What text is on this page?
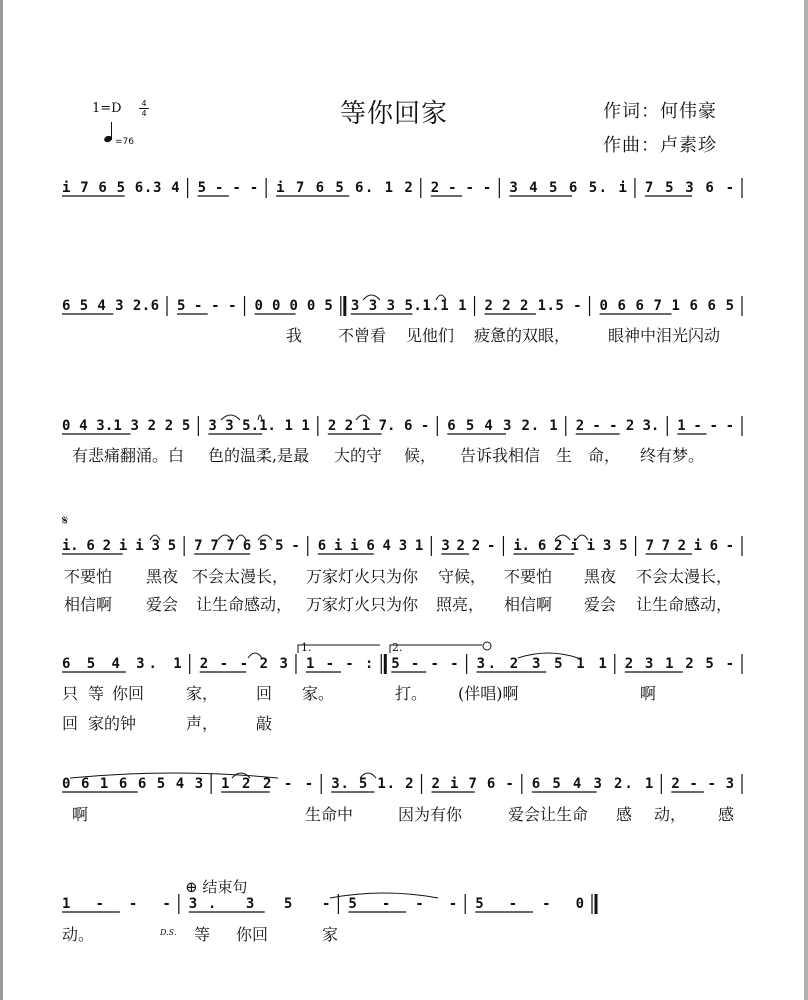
1=D	4
4
=76
等你回家	作词：何伟豪
作曲：卢素珍
𝄋
⊕ 结束句
D.S.
1.	2.
i 7 6 5 6.3 4 5 - - - i 7 6 5 6. 1 2 2 - - - 3 4 5 6 5. i 7 5 3 6 -
6 5 4 3 2.6 5 - - - 0 0 0 0 5 3 3 3 5.1.1 1 2 2 2 1.5 - 0 6 6 7 1 6 6 5
0 4 3.1 3 2 2 5 3 3 5.1. 1 1 2 2 1 7. 6 - 6 5 4 3 2. 1 2 - - 2 3. 1 - - -
i. 6 2 i i 3 5 7 7 7 6 5 5 - 6 i i 6 4 3 1 3 2 2 - i. 6 2 i i 3 5 7 7 2 i 6 -
6 5 4 3. 1 2 - - 2 3 1 - - : 5 - - - 3. 2 3 5 1 1 2 3 1 2 5 -
0 6 1 6 6 5 4 3 1 2 2 - - 3. 5 1. 2 2 i 7 6 - 6 5 4 3 2. 1 2 - - 3
1 - - - 3. 3 5 - 5 - - - 5 - - 0
我 不曾看 见他们 疲惫的双眼， 眼神中泪光闪动
有悲痛翻涌。白 色的温柔,是最 大的守 候， 告诉我相信 生 命， 终有梦。
不要怕 黑夜 不会太漫长， 万家灯火只为你 守候， 不要怕 黑夜 不会太漫长，
相信啊 爱会 让生命感动， 万家灯火只为你 照亮， 相信啊 爱会 让生命感动，
只 等 你回	家， 回 家。	打。 (伴唱)啊	啊
回 家的钟	声， 敲
啊	生命中	因为有你	爱会让生命 感 动， 感
动。	等 你回	家
